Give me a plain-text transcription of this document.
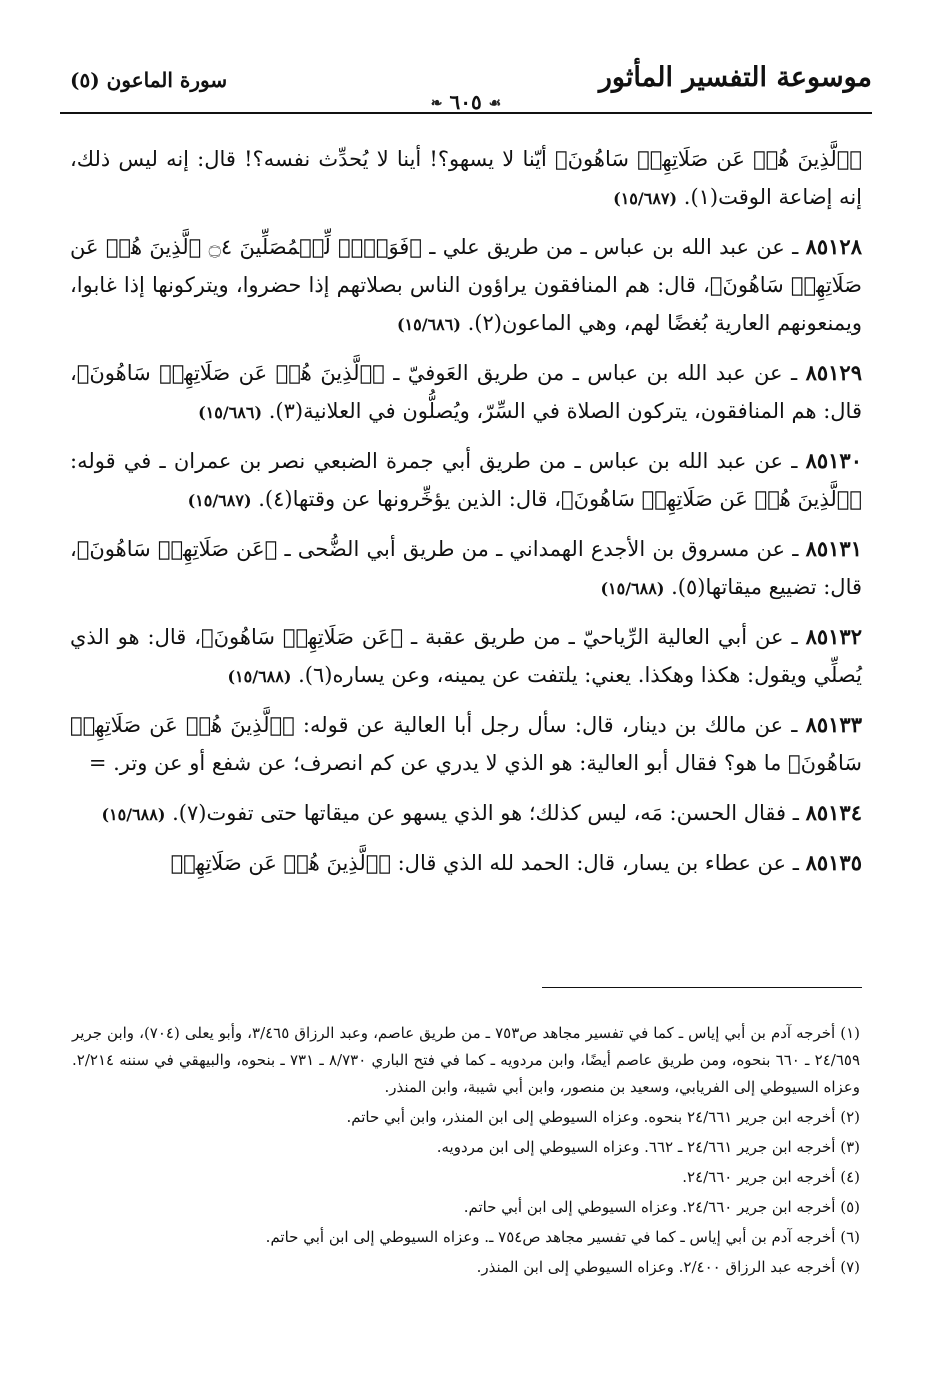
موسوعة التفسير المأثور
سورة الماعون (٥)
❧ ٦٠٥ ☙

﴿ٱلَّذِينَ هُمۡ عَن صَلَاتِهِمۡ سَاهُونَ﴾ أيّنا لا يسهو؟! أينا لا يُحدِّث نفسه؟! قال: إنه ليس ذلك، إنه إضاعة الوقت(١). (١٥/٦٨٧)

٨٥١٢٨ ـ عن عبد الله بن عباس ـ من طريق علي ـ ﴿فَوَيۡلٞ لِّلۡمُصَلِّينَ ۝٤ ٱلَّذِينَ هُمۡ عَن صَلَاتِهِمۡ سَاهُونَ﴾، قال: هم المنافقون يراؤون الناس بصلاتهم إذا حضروا، ويتركونها إذا غابوا، ويمنعونهم العارية بُغضًا لهم، وهي الماعون(٢). (١٥/٦٨٦)

٨٥١٢٩ ـ عن عبد الله بن عباس ـ من طريق العَوفيّ ـ ﴿ٱلَّذِينَ هُمۡ عَن صَلَاتِهِمۡ سَاهُونَ﴾، قال: هم المنافقون، يتركون الصلاة في السِّرّ، ويُصلُّون في العلانية(٣). (١٥/٦٨٦)

٨٥١٣٠ ـ عن عبد الله بن عباس ـ من طريق أبي جمرة الضبعي نصر بن عمران ـ في قوله: ﴿ٱلَّذِينَ هُمۡ عَن صَلَاتِهِمۡ سَاهُونَ﴾، قال: الذين يؤخِّرونها عن وقتها(٤). (١٥/٦٨٧)

٨٥١٣١ ـ عن مسروق بن الأجدع الهمداني ـ من طريق أبي الضُّحى ـ ﴿عَن صَلَاتِهِمۡ سَاهُونَ﴾، قال: تضييع ميقاتها(٥). (١٥/٦٨٨)

٨٥١٣٢ ـ عن أبي العالية الرِّياحيّ ـ من طريق عقبة ـ ﴿عَن صَلَاتِهِمۡ سَاهُونَ﴾، قال: هو الذي يُصلِّي ويقول: هكذا وهكذا. يعني: يلتفت عن يمينه، وعن يساره(٦). (١٥/٦٨٨)

٨٥١٣٣ ـ عن مالك بن دينار، قال: سأل رجل أبا العالية عن قوله: ﴿ٱلَّذِينَ هُمۡ عَن صَلَاتِهِمۡ سَاهُونَ﴾ ما هو؟ فقال أبو العالية: هو الذي لا يدري عن كم انصرف؛ عن شفع أو عن وتر. =

٨٥١٣٤ ـ فقال الحسن: مَه، ليس كذلك؛ هو الذي يسهو عن ميقاتها حتى تفوت(٧). (١٥/٦٨٨)

٨٥١٣٥ ـ عن عطاء بن يسار، قال: الحمد لله الذي قال: ﴿ٱلَّذِينَ هُمۡ عَن صَلَاتِهِمۡ

(١) أخرجه آدم بن أبي إياس ـ كما في تفسير مجاهد ص٧٥٣ ـ من طريق عاصم، وعبد الرزاق ٣/٤٦٥، وأبو يعلى (٧٠٤)، وابن جرير ٢٤/٦٥٩ ـ ٦٦٠ بنحوه، ومن طريق عاصم أيضًا، وابن مردويه ـ كما في فتح الباري ٨/٧٣٠ ـ ٧٣١ ـ بنحوه، والبيهقي في سننه ٢/٢١٤. وعزاه السيوطي إلى الفريابي، وسعيد بن منصور، وابن أبي شيبة، وابن المنذر.

(٢) أخرجه ابن جرير ٢٤/٦٦١ بنحوه. وعزاه السيوطي إلى ابن المنذر، وابن أبي حاتم.

(٣) أخرجه ابن جرير ٢٤/٦٦١ ـ ٦٦٢. وعزاه السيوطي إلى ابن مردويه.

(٤) أخرجه ابن جرير ٢٤/٦٦٠.

(٥) أخرجه ابن جرير ٢٤/٦٦٠. وعزاه السيوطي إلى ابن أبي حاتم.

(٦) أخرجه آدم بن أبي إياس ـ كما في تفسير مجاهد ص٧٥٤ ـ. وعزاه السيوطي إلى ابن أبي حاتم.

(٧) أخرجه عبد الرزاق ٢/٤٠٠. وعزاه السيوطي إلى ابن المنذر.
